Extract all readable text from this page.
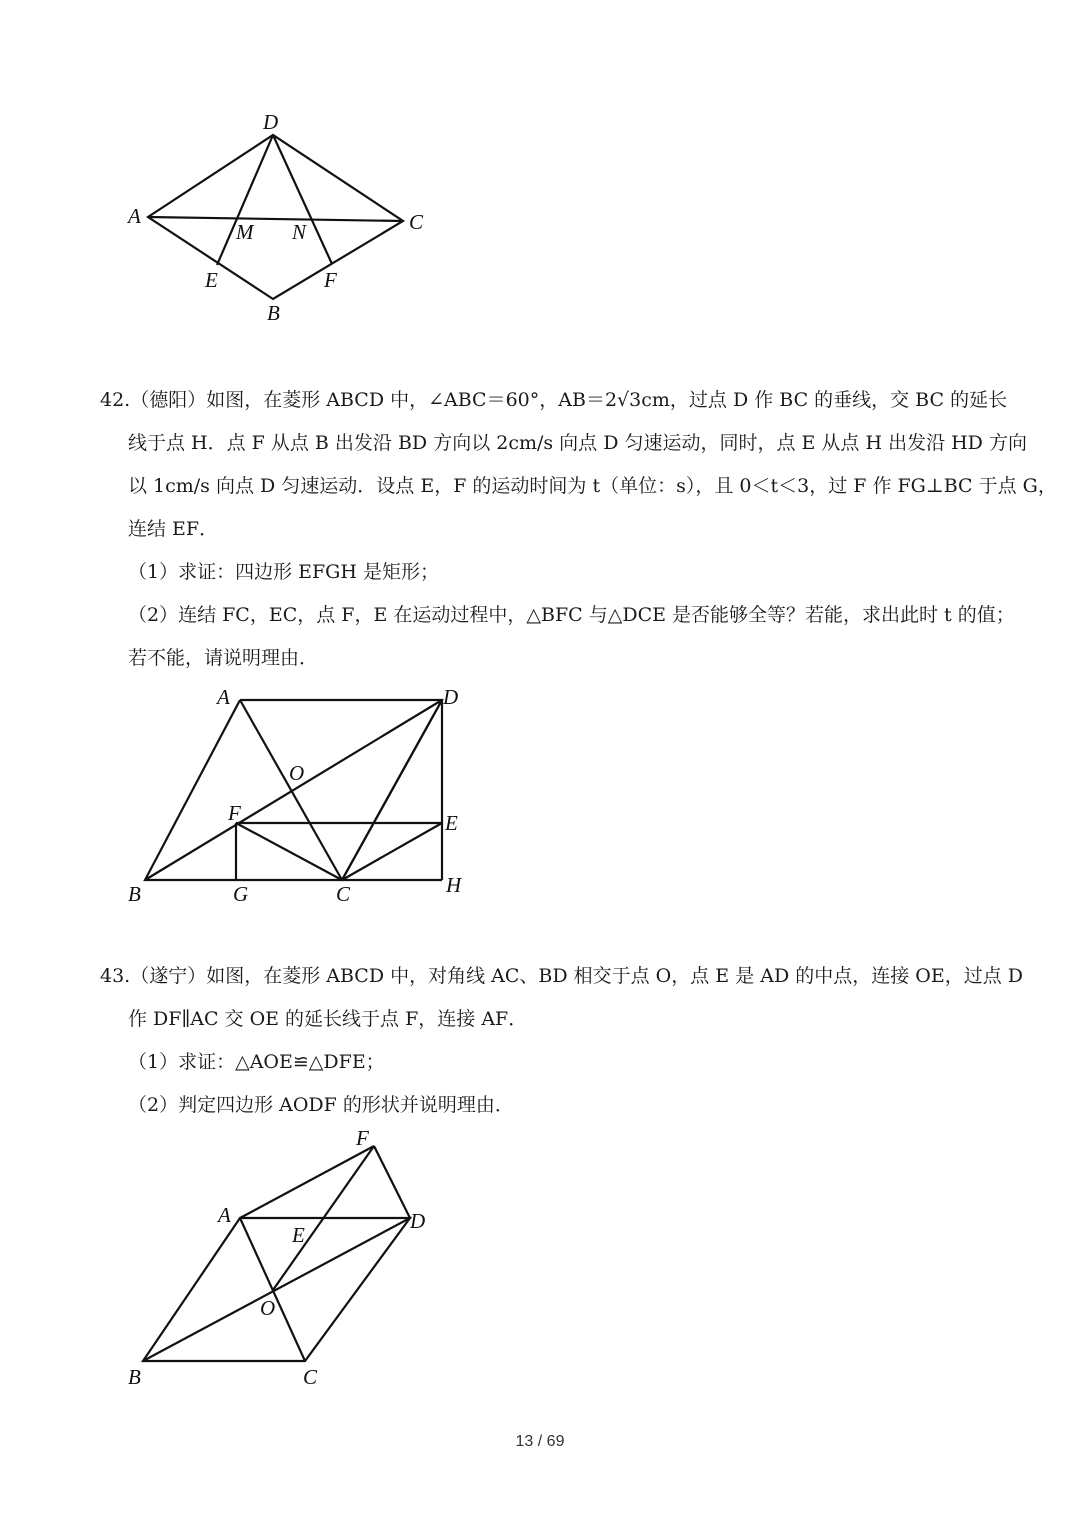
D
A	C
M N
E	F
B
42.（德阳）如图，在菱形 ABCD 中，∠ABC＝60°，AB＝2√3cm，过点 D 作 BC 的垂线，交 BC 的延长
线于点 H．点 F 从点 B 出发沿 BD 方向以 2cm/s 向点 D 匀速运动，同时，点 E 从点 H 出发沿 HD 方向
以 1cm/s 向点 D 匀速运动．设点 E，F 的运动时间为 t（单位：s），且 0＜t＜3，过 F 作 FG⊥BC 于点 G，
连结 EF．
（1）求证：四边形 EFGH 是矩形；
（2）连结 FC，EC，点 F，E 在运动过程中，△BFC 与△DCE 是否能够全等？若能，求出此时 t 的值；
若不能，请说明理由．
A	D
O
F	E
B	G	C	H
43.（遂宁）如图，在菱形 ABCD 中，对角线 AC、BD 相交于点 O，点 E 是 AD 的中点，连接 OE，过点 D
作 DF∥AC 交 OE 的延长线于点 F，连接 AF．
（1）求证：△AOE≌△DFE；
（2）判定四边形 AODF 的形状并说明理由．
F
A	D
E
O
B	C
13 / 69
